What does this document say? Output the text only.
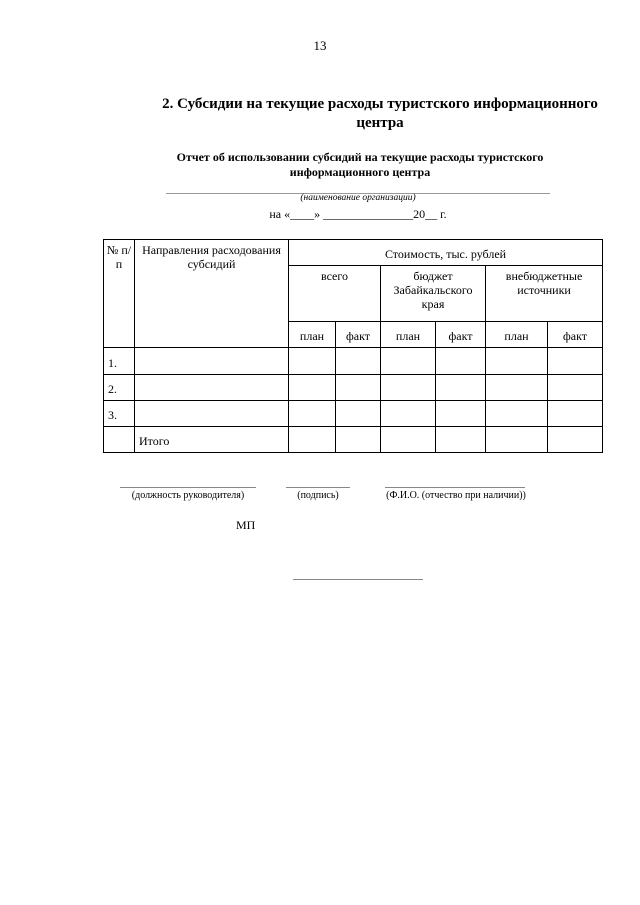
13
2. Субсидии на текущие расходы туристского информационного центра
Отчет об использовании субсидий на текущие расходы туристского информационного центра
(наименование организации)
на «____» _______________20__ г.
№ п/п	Направления расходования субсидий	Стоимость, тыс. рублей					
		всего		бюджет Забайкальского края		внебюджетные источники	
		план	факт	план	факт	план	факт
1.							
2.							
3.							
	Итого						
(должность руководителя)	(подпись)	(Ф.И.О. (отчество при наличии))
МП
